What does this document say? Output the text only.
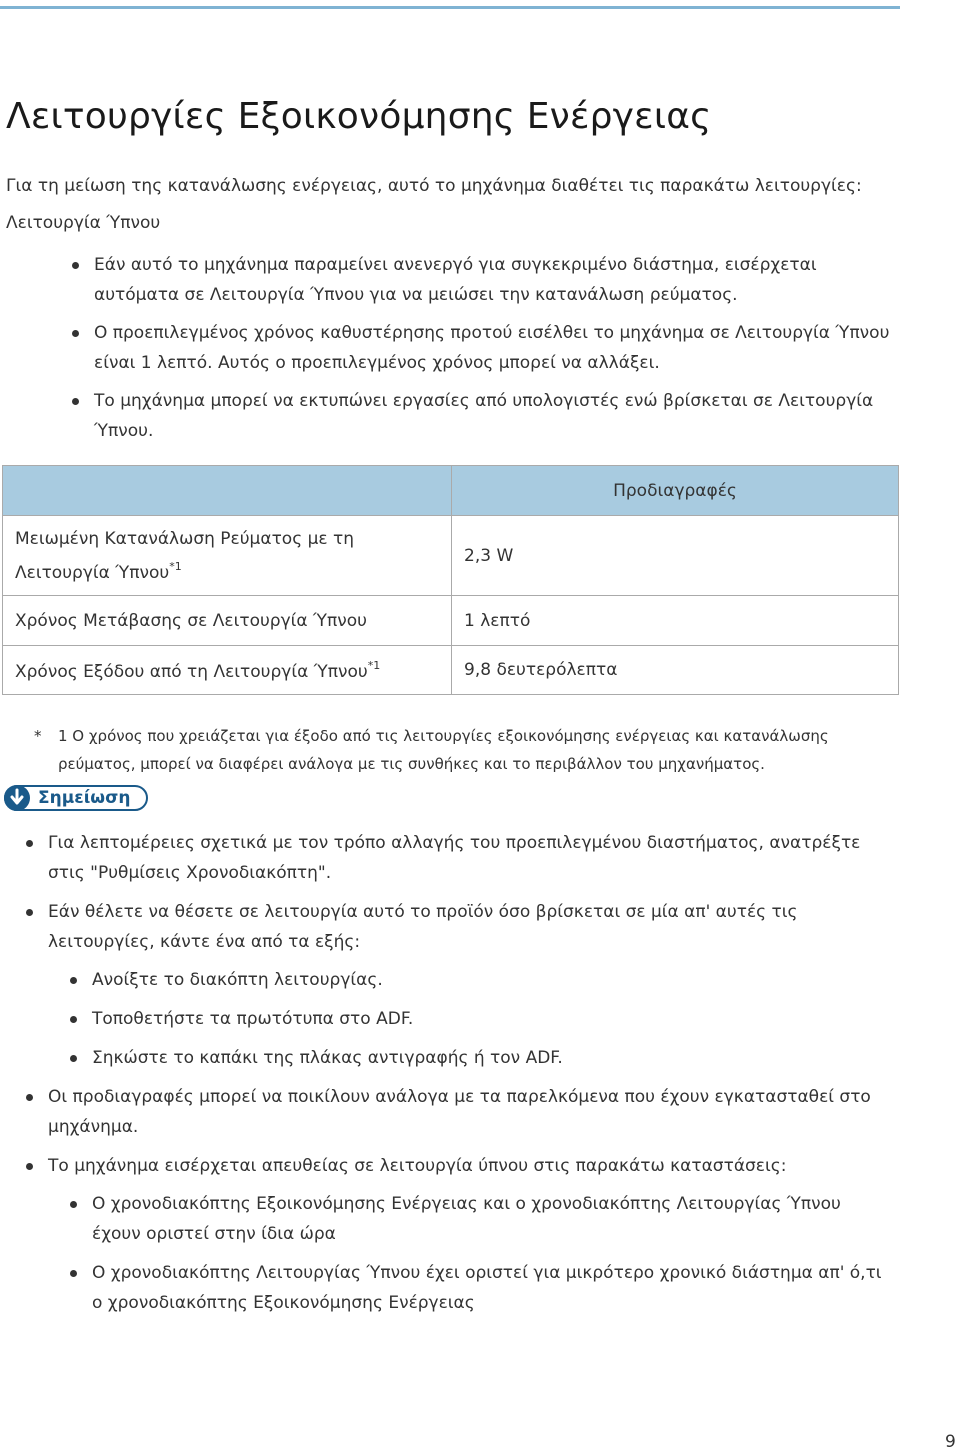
Λειτουργίες Εξοικονόμησης Ενέργειας
Για τη μείωση της κατανάλωσης ενέργειας, αυτό το μηχάνημα διαθέτει τις παρακάτω λειτουργίες:
Λειτουργία Ύπνου
Εάν αυτό το μηχάνημα παραμείνει ανενεργό για συγκεκριμένο διάστημα, εισέρχεται αυτόματα σε Λειτουργία Ύπνου για να μειώσει την κατανάλωση ρεύματος.
Ο προεπιλεγμένος χρόνος καθυστέρησης προτού εισέλθει το μηχάνημα σε Λειτουργία Ύπνου είναι 1 λεπτό. Αυτός ο προεπιλεγμένος χρόνος μπορεί να αλλάξει.
Το μηχάνημα μπορεί να εκτυπώνει εργασίες από υπολογιστές ενώ βρίσκεται σε Λειτουργία Ύπνου.
	Προδιαγραφές
Μειωμένη Κατανάλωση Ρεύματος με τη Λειτουργία Ύπνου$^{*1}$	2,3 W
Χρόνος Μετάβασης σε Λειτουργία Ύπνου	1 λεπτό
Χρόνος Εξόδου από τη Λειτουργία Ύπνου$^{*1}$	9,8 δευτερόλεπτα
*	1 Ο χρόνος που χρειάζεται για έξοδο από τις λειτουργίες εξοικονόμησης ενέργειας και κατανάλωσης ρεύματος, μπορεί να διαφέρει ανάλογα με τις συνθήκες και το περιβάλλον του μηχανήματος.
Σημείωση
Για λεπτομέρειες σχετικά με τον τρόπο αλλαγής του προεπιλεγμένου διαστήματος, ανατρέξτε στις "Ρυθμίσεις Χρονοδιακόπτη".
Εάν θέλετε να θέσετε σε λειτουργία αυτό το προϊόν όσο βρίσκεται σε μία απ' αυτές τις λειτουργίες, κάντε ένα από τα εξής:
Ανοίξτε το διακόπτη λειτουργίας.
Τοποθετήστε τα πρωτότυπα στο ADF.
Σηκώστε το καπάκι της πλάκας αντιγραφής ή τον ADF.
Οι προδιαγραφές μπορεί να ποικίλουν ανάλογα με τα παρελκόμενα που έχουν εγκατασταθεί στο μηχάνημα.
Το μηχάνημα εισέρχεται απευθείας σε λειτουργία ύπνου στις παρακάτω καταστάσεις:
Ο χρονοδιακόπτης Εξοικονόμησης Ενέργειας και ο χρονοδιακόπτης Λειτουργίας Ύπνου έχουν οριστεί στην ίδια ώρα
Ο χρονοδιακόπτης Λειτουργίας Ύπνου έχει οριστεί για μικρότερο χρονικό διάστημα απ' ό,τι ο χρονοδιακόπτης Εξοικονόμησης Ενέργειας
9
